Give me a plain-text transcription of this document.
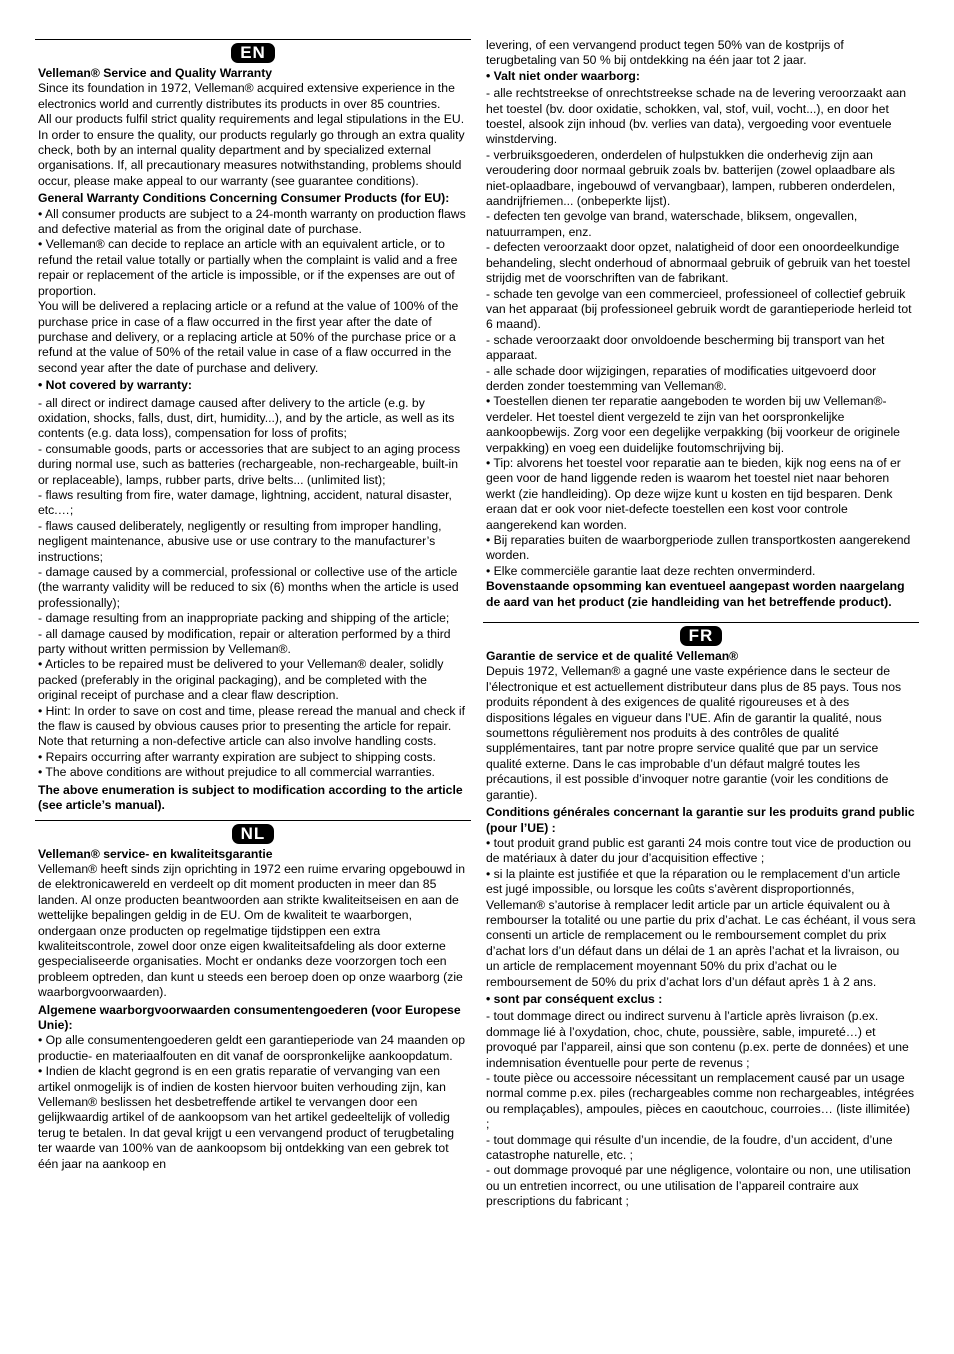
EN
Velleman® Service and Quality Warranty

Since its foundation in 1972, Velleman® acquired extensive experience in the electronics world and currently distributes its products in over 85 countries.

All our products fulfil strict quality requirements and legal stipulations in the EU. In order to ensure the quality, our products regularly go through an extra quality check, both by an internal quality department and by specialized external organisations. If, all precautionary measures notwithstanding, problems should occur, please make appeal to our warranty (see guarantee conditions).

General Warranty Conditions Concerning Consumer Products (for EU):

• All consumer products are subject to a 24-month warranty on production flaws and defective material as from the original date of purchase.

• Velleman® can decide to replace an article with an equivalent article, or to refund the retail value totally or partially when the complaint is valid and a free repair or replacement of the article is impossible, or if the expenses are out of proportion.

You will be delivered a replacing article or a refund at the value of 100% of the purchase price in case of a flaw occurred in the first year after the date of purchase and delivery, or a replacing article at 50% of the purchase price or a refund at the value of 50% of the retail value in case of a flaw occurred in the second year after the date of purchase and delivery.

• Not covered by warranty:

- all direct or indirect damage caused after delivery to the article (e.g. by oxidation, shocks, falls, dust, dirt, humidity...), and by the article, as well as its contents (e.g. data loss), compensation for loss of profits;

- consumable goods, parts or accessories that are subject to an aging process during normal use, such as batteries (rechargeable, non-rechargeable, built-in or replaceable), lamps, rubber parts, drive belts... (unlimited list);

- flaws resulting from fire, water damage, lightning, accident, natural disaster, etc.…;

- flaws caused deliberately, negligently or resulting from improper handling, negligent maintenance, abusive use or use contrary to the manufacturer’s instructions;

- damage caused by a commercial, professional or collective use of the article (the warranty validity will be reduced to six (6) months when the article is used professionally);

- damage resulting from an inappropriate packing and shipping of the article;

- all damage caused by modification, repair or alteration performed by a third party without written permission by Velleman®.

• Articles to be repaired must be delivered to your Velleman® dealer, solidly packed (preferably in the original packaging), and be completed with the original receipt of purchase and a clear flaw description.

• Hint: In order to save on cost and time, please reread the manual and check if the flaw is caused by obvious causes prior to presenting the article for repair. Note that returning a non-defective article can also involve handling costs.

• Repairs occurring after warranty expiration are subject to shipping costs.

• The above conditions are without prejudice to all commercial warranties.

The above enumeration is subject to modification according to the article (see article’s manual).
NL
Velleman® service- en kwaliteitsgarantie

Velleman® heeft sinds zijn oprichting in 1972 een ruime ervaring opgebouwd in de elektronicawereld en verdeelt op dit moment producten in meer dan 85 landen. Al onze producten beantwoorden aan strikte kwaliteitseisen en aan de wettelijke bepalingen geldig in de EU. Om de kwaliteit te waarborgen, ondergaan onze producten op regelmatige tijdstippen een extra kwaliteitscontrole, zowel door onze eigen kwaliteitsafdeling als door externe gespecialiseerde organisaties. Mocht er ondanks deze voorzorgen toch een probleem optreden, dan kunt u steeds een beroep doen op onze waarborg (zie waarborgvoorwaarden).

Algemene waarborgvoorwaarden consumentengoederen (voor Europese Unie):

• Op alle consumentengoederen geldt een garantieperiode van 24 maanden op productie- en materiaalfouten en dit vanaf de oorspronkelijke aankoopdatum.

• Indien de klacht gegrond is en een gratis reparatie of vervanging van een artikel onmogelijk is of indien de kosten hiervoor buiten verhouding zijn, kan Velleman® beslissen het desbetreffende artikel te vervangen door een gelijkwaardig artikel of de aankoopsom van het artikel gedeeltelijk of volledig terug te betalen. In dat geval krijgt u een vervangend product of terugbetaling ter waarde van 100% van de aankoopsom bij ontdekking van een gebrek tot één jaar na aankoop en

levering, of een vervangend product tegen 50% van de kostprijs of terugbetaling van 50 % bij ontdekking na één jaar tot 2 jaar.

• Valt niet onder waarborg:

- alle rechtstreekse of onrechtstreekse schade na de levering veroorzaakt aan het toestel (bv. door oxidatie, schokken, val, stof, vuil, vocht...), en door het toestel, alsook zijn inhoud (bv. verlies van data), vergoeding voor eventuele winstderving.

- verbruiksgoederen, onderdelen of hulpstukken die onderhevig zijn aan veroudering door normaal gebruik zoals bv. batterijen (zowel oplaadbare als niet-oplaadbare, ingebouwd of vervangbaar), lampen, rubberen onderdelen, aandrijfriemen... (onbeperkte lijst).

- defecten ten gevolge van brand, waterschade, bliksem, ongevallen, natuurrampen, enz.

- defecten veroorzaakt door opzet, nalatigheid of door een onoordeelkundige behandeling, slecht onderhoud of abnormaal gebruik of gebruik van het toestel strijdig met de voorschriften van de fabrikant.

- schade ten gevolge van een commercieel, professioneel of collectief gebruik van het apparaat (bij professioneel gebruik wordt de garantieperiode herleid tot 6 maand).

- schade veroorzaakt door onvoldoende bescherming bij transport van het apparaat.

- alle schade door wijzigingen, reparaties of modificaties uitgevoerd door derden zonder toestemming van Velleman®.

• Toestellen dienen ter reparatie aangeboden te worden bij uw Velleman®-verdeler. Het toestel dient vergezeld te zijn van het oorspronkelijke aankoopbewijs. Zorg voor een degelijke verpakking (bij voorkeur de originele verpakking) en voeg een duidelijke foutomschrijving bij.

• Tip: alvorens het toestel voor reparatie aan te bieden, kijk nog eens na of er geen voor de hand liggende reden is waarom het toestel niet naar behoren werkt (zie handleiding). Op deze wijze kunt u kosten en tijd besparen. Denk eraan dat er ook voor niet-defecte toestellen een kost voor controle aangerekend kan worden.

• Bij reparaties buiten de waarborgperiode zullen transportkosten aangerekend worden.

• Elke commerciële garantie laat deze rechten onverminderd.

Bovenstaande opsomming kan eventueel aangepast worden naargelang de aard van het product (zie handleiding van het betreffende product).
FR
Garantie de service et de qualité Velleman®

Depuis 1972, Velleman® a gagné une vaste expérience dans le secteur de l’électronique et est actuellement distributeur dans plus de 85 pays. Tous nos produits répondent à des exigences de qualité rigoureuses et à des dispositions légales en vigueur dans l’UE. Afin de garantir la qualité, nous soumettons régulièrement nos produits à des contrôles de qualité supplémentaires, tant par notre propre service qualité que par un service qualité externe. Dans le cas improbable d’un défaut malgré toutes les précautions, il est possible d’invoquer notre garantie (voir les conditions de garantie).

Conditions générales concernant la garantie sur les produits grand public (pour l’UE) :

• tout produit grand public est garanti 24 mois contre tout vice de production ou de matériaux à dater du jour d’acquisition effective ;

• si la plainte est justifiée et que la réparation ou le remplacement d’un article est jugé impossible, ou lorsque les coûts s’avèrent disproportionnés, Velleman® s’autorise à remplacer ledit article par un article équivalent ou à rembourser la totalité ou une partie du prix d’achat. Le cas échéant, il vous sera consenti un article de remplacement ou le remboursement complet du prix d’achat lors d’un défaut dans un délai de 1 an après l’achat et la livraison, ou un article de remplacement moyennant 50% du prix d’achat ou le remboursement de 50% du prix d’achat lors d’un défaut après 1 à 2 ans.

• sont par conséquent exclus :

- tout dommage direct ou indirect survenu à l’article après livraison (p.ex. dommage lié à l’oxydation, choc, chute, poussière, sable, impureté…) et provoqué par l’appareil, ainsi que son contenu (p.ex. perte de données) et une indemnisation éventuelle pour perte de revenus ;

- toute pièce ou accessoire nécessitant un remplacement causé par un usage normal comme p.ex. piles (rechargeables comme non rechargeables, intégrées ou remplaçables), ampoules, pièces en caoutchouc, courroies… (liste illimitée) ;

- tout dommage qui résulte d’un incendie, de la foudre, d’un accident, d’une catastrophe naturelle, etc. ;

- out dommage provoqué par une négligence, volontaire ou non, une utilisation ou un entretien incorrect, ou une utilisation de l’appareil contraire aux prescriptions du fabricant ;
